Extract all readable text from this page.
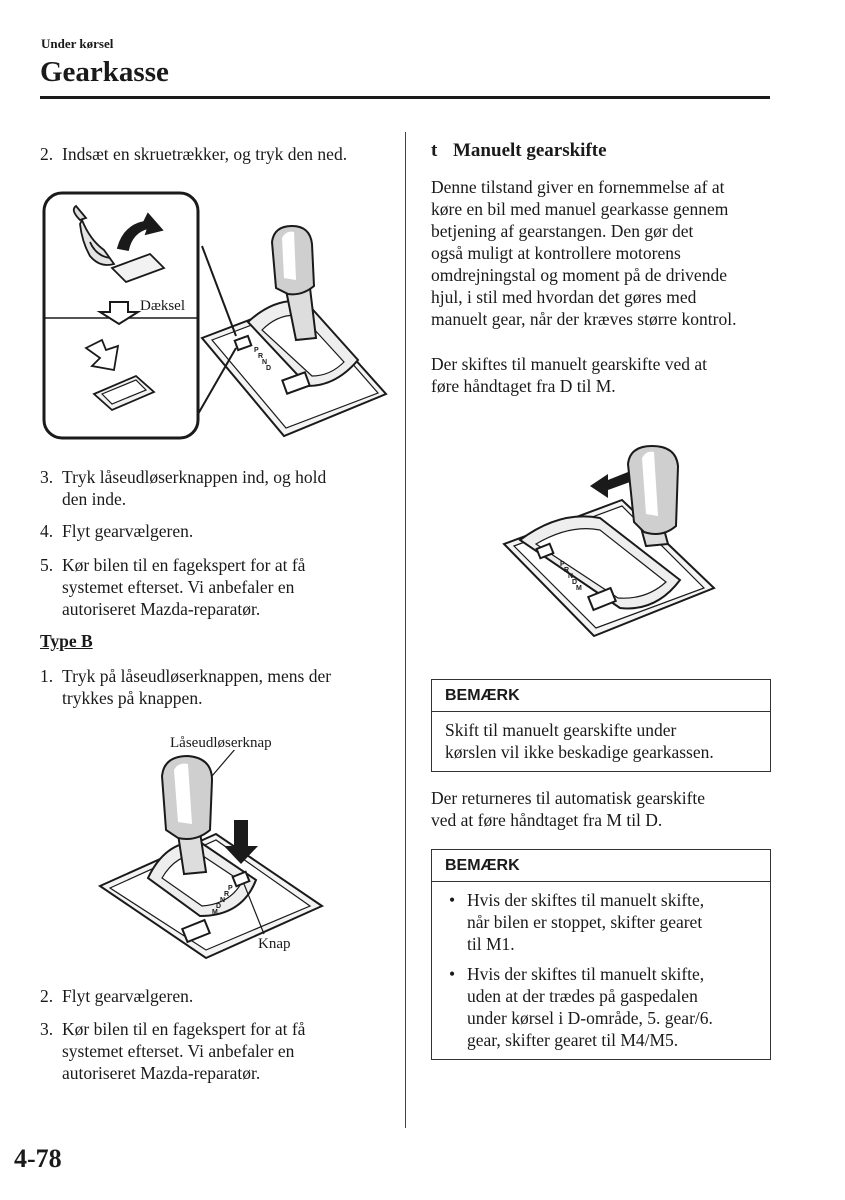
Under kørsel
Gearkasse
2. Indsæt en skruetrækker, og tryk den ned.
P
R
N
D
Dæksel
3. Tryk låseudløserknappen ind, og hold
den inde.
4. Flyt gearvælgeren.
5. Kør bilen til en fagekspert for at få
systemet efterset. Vi anbefaler en
autoriseret Mazda-reparatør.
Type B
1. Tryk på låseudløserknappen, mens der
trykkes på knappen.
P
R
N
D
M
Låseudløserknap
Knap
2. Flyt gearvælgeren.
3. Kør bilen til en fagekspert for at få
systemet efterset. Vi anbefaler en
autoriseret Mazda-reparatør.
t Manuelt gearskifte
Denne tilstand giver en fornemmelse af at
køre en bil med manuel gearkasse gennem
betjening af gearstangen. Den gør det
også muligt at kontrollere motorens
omdrejningstal og moment på de drivende
hjul, i stil med hvordan det gøres med
manuelt gear, når der kræves større kontrol.
Der skiftes til manuelt gearskifte ved at
føre håndtaget fra D til M.
P
R
N
D
M
BEMÆRK
Skift til manuelt gearskifte under
kørslen vil ikke beskadige gearkassen.
Der returneres til automatisk gearskifte
ved at føre håndtaget fra M til D.
BEMÆRK
• Hvis der skiftes til manuelt skifte,
når bilen er stoppet, skifter gearet
til M1.
• Hvis der skiftes til manuelt skifte,
uden at der trædes på gaspedalen
under kørsel i D-område, 5. gear/6.
gear, skifter gearet til M4/M5.
4-78
